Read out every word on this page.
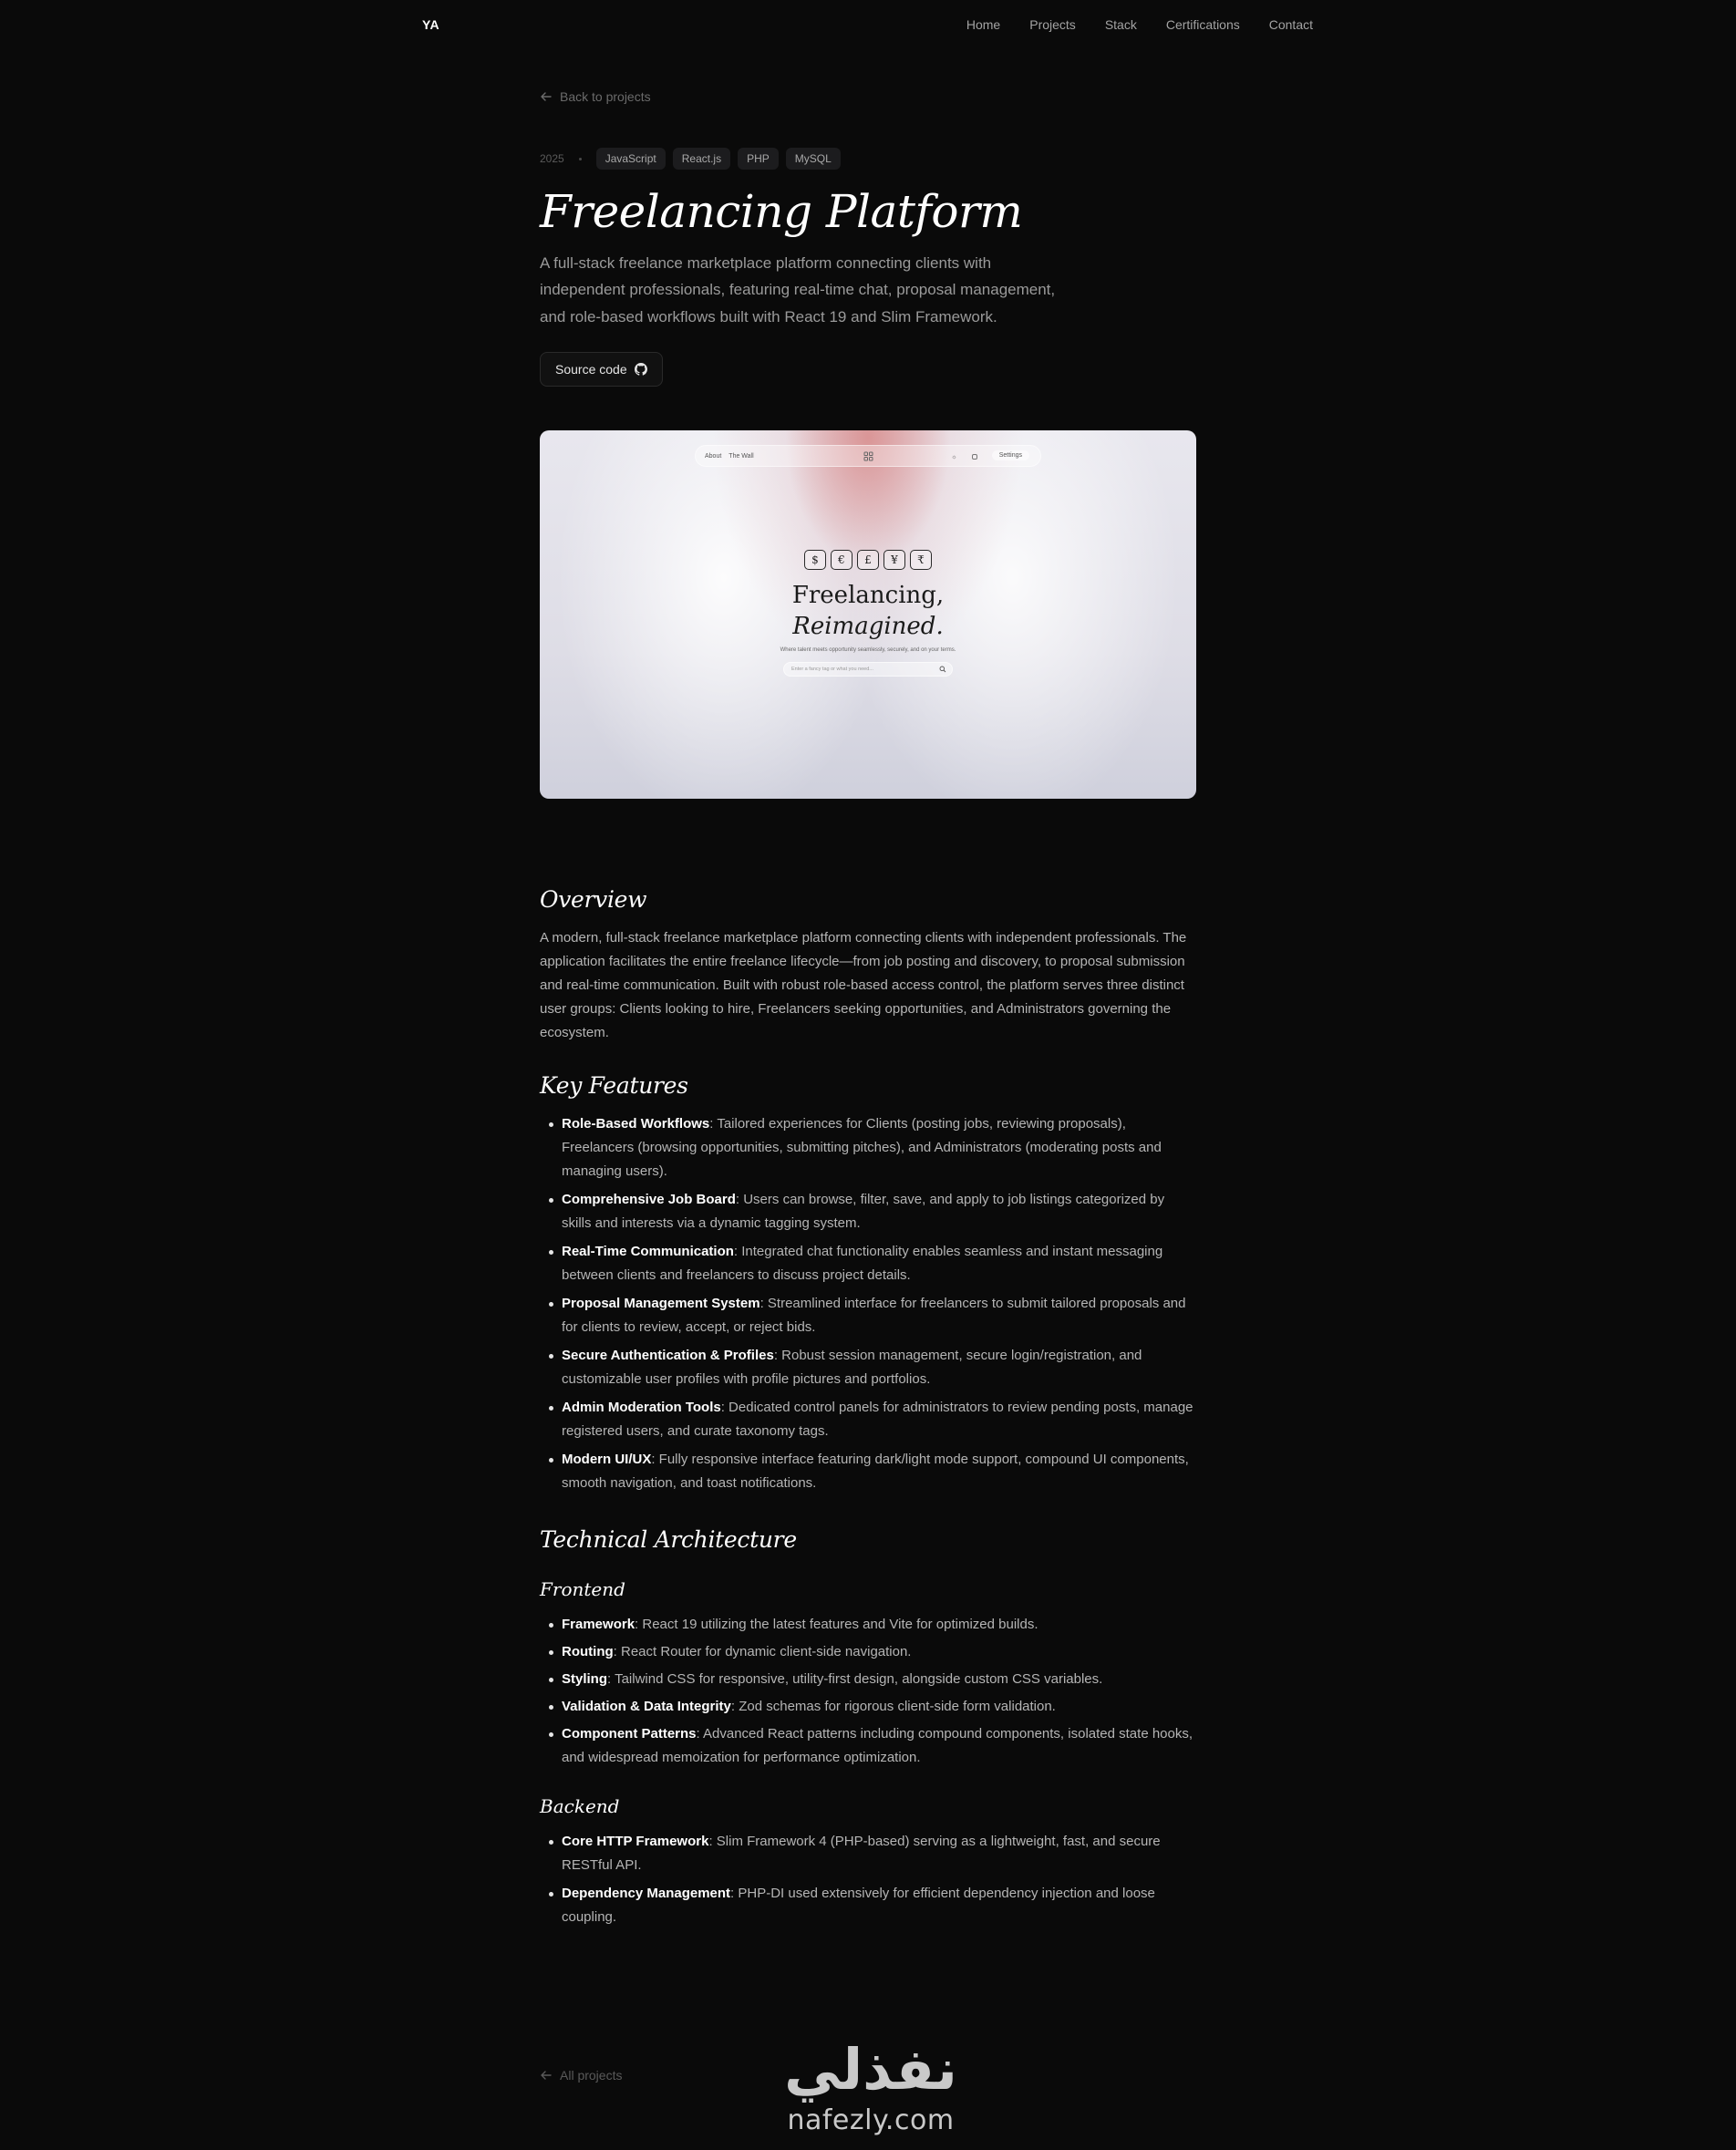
YA	Home Projects Stack Certifications Contact
Back to projects
2025	JavaScript	React.js	PHP	MySQL
Freelancing Platform

A full-stack freelance marketplace platform connecting clients with independent professionals, featuring real-time chat, proposal management, and role-based workflows built with React 19 and Slim Framework.

Source code
About The Wall	☼	Settings
$	€	£	¥	₹
Freelancing,
Reimagined.
Where talent meets opportunity seamlessly, securely, and on your terms.
Enter a fancy tag or what you need...
Overview

A modern, full-stack freelance marketplace platform connecting clients with independent professionals. The application facilitates the entire freelance lifecycle—from job posting and discovery, to proposal submission and real-time communication. Built with robust role-based access control, the platform serves three distinct user groups: Clients looking to hire, Freelancers seeking opportunities, and Administrators governing the ecosystem.

Key Features
Role-Based Workflows: Tailored experiences for Clients (posting jobs, reviewing proposals), Freelancers (browsing opportunities, submitting pitches), and Administrators (moderating posts and managing users).
Comprehensive Job Board: Users can browse, filter, save, and apply to job listings categorized by skills and interests via a dynamic tagging system.
Real-Time Communication: Integrated chat functionality enables seamless and instant messaging between clients and freelancers to discuss project details.
Proposal Management System: Streamlined interface for freelancers to submit tailored proposals and for clients to review, accept, or reject bids.
Secure Authentication & Profiles: Robust session management, secure login/registration, and customizable user profiles with profile pictures and portfolios.
Admin Moderation Tools: Dedicated control panels for administrators to review pending posts, manage registered users, and curate taxonomy tags.
Modern UI/UX: Fully responsive interface featuring dark/light mode support, compound UI components, smooth navigation, and toast notifications.
Technical Architecture
Frontend
Framework: React 19 utilizing the latest features and Vite for optimized builds.
Routing: React Router for dynamic client-side navigation.
Styling: Tailwind CSS for responsive, utility-first design, alongside custom CSS variables.
Validation & Data Integrity: Zod schemas for rigorous client-side form validation.
Component Patterns: Advanced React patterns including compound components, isolated state hooks, and widespread memoization for performance optimization.
Backend
Core HTTP Framework: Slim Framework 4 (PHP-based) serving as a lightweight, fast, and secure RESTful API.
Dependency Management: PHP-DI used extensively for efficient dependency injection and loose coupling.
All projects	نفذلي
nafezly.com
